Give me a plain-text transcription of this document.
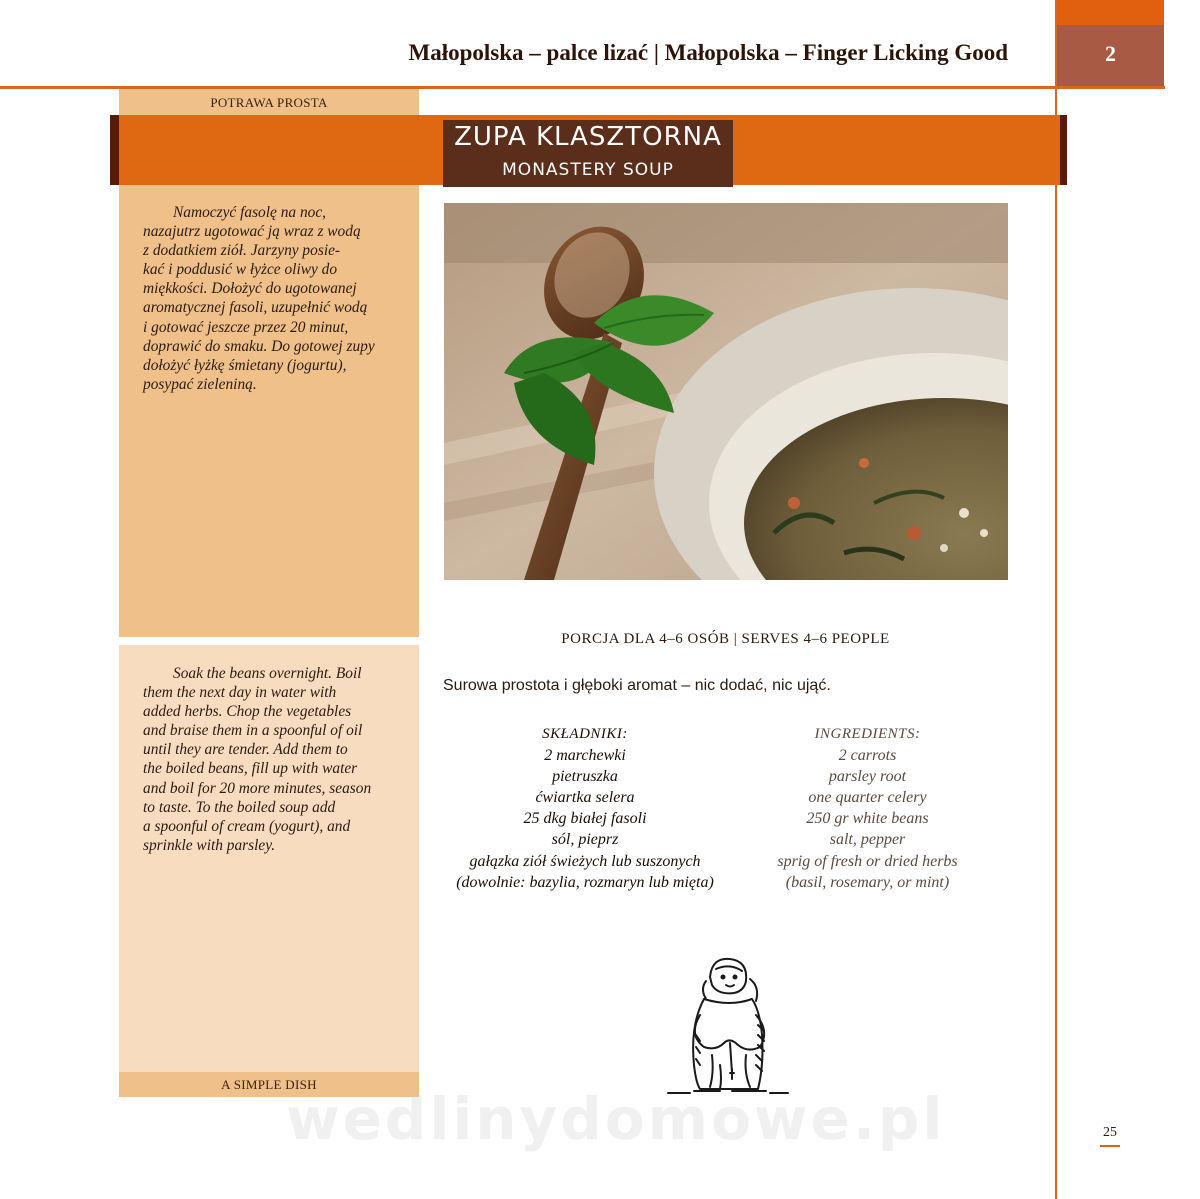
Małopolska – palce lizać | Małopolska – Finger Licking Good	2
POTRAWA PROSTA
Namoczyć fasolę na noc,
nazajutrz ugotować ją wraz z wodą
z dodatkiem ziół. Jarzyny posie-
kać i poddusić w łyżce oliwy do
miękkości. Dołożyć do ugotowanej
aromatycznej fasoli, uzupełnić wodą
i gotować jeszcze przez 20 minut,
doprawić do smaku. Do gotowej zupy
dołożyć łyżkę śmietany (jogurtu),
posypać zieleniną.
Soak the beans overnight. Boil
them the next day in water with
added herbs. Chop the vegetables
and braise them in a spoonful of oil
until they are tender. Add them to
the boiled beans, fill up with water
and boil for 20 more minutes, season
to taste. To the boiled soup add
a spoonful of cream (yogurt), and
sprinkle with parsley.
A SIMPLE DISH
ZUPA KLASZTORNA
MONASTERY SOUP
PORCJA DLA 4–6 OSÓB | SERVES 4–6 PEOPLE
Surowa prostota i głęboki aromat – nic dodać, nic ująć.
SKŁADNIKI:
2 marchewki
pietruszka
ćwiartka selera
25 dkg białej fasoli
sól, pieprz
gałązka ziół świeżych lub suszonych
(dowolnie: bazylia, rozmaryn lub mięta)
INGREDIENTS:
2 carrots
parsley root
one quarter celery
250 gr white beans
salt, pepper
sprig of fresh or dried herbs
(basil, rosemary, or mint)
wedlinydomowe.pl	25
